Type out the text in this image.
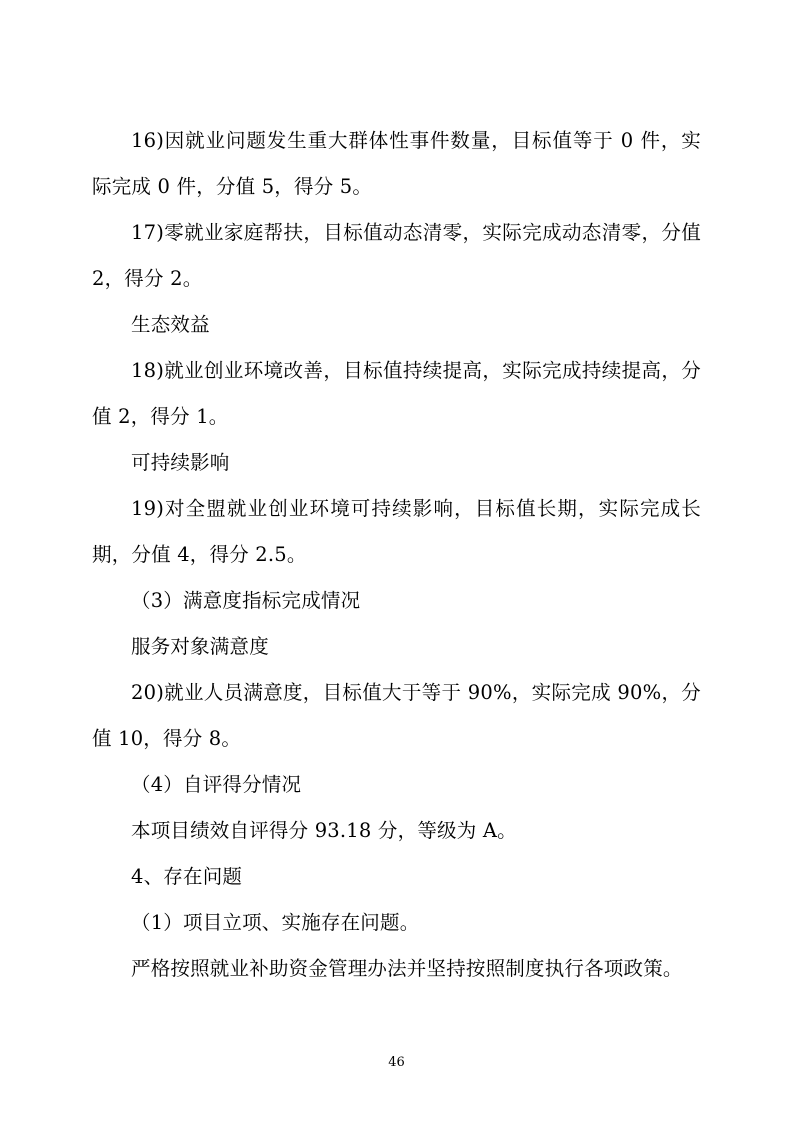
16)因就业问题发生重大群体性事件数量，目标值等于 0 件，实际完成 0 件，分值 5，得分 5。

17)零就业家庭帮扶，目标值动态清零，实际完成动态清零，分值 2，得分 2。

生态效益

18)就业创业环境改善，目标值持续提高，实际完成持续提高，分值 2，得分 1。

可持续影响

19)对全盟就业创业环境可持续影响，目标值长期，实际完成长期，分值 4，得分 2.5。

（3）满意度指标完成情况

服务对象满意度

20)就业人员满意度，目标值大于等于 90%，实际完成 90%，分值 10，得分 8。

（4）自评得分情况

本项目绩效自评得分 93.18 分，等级为 A。

4、存在问题

（1）项目立项、实施存在问题。

严格按照就业补助资金管理办法并坚持按照制度执行各项政策。

46
